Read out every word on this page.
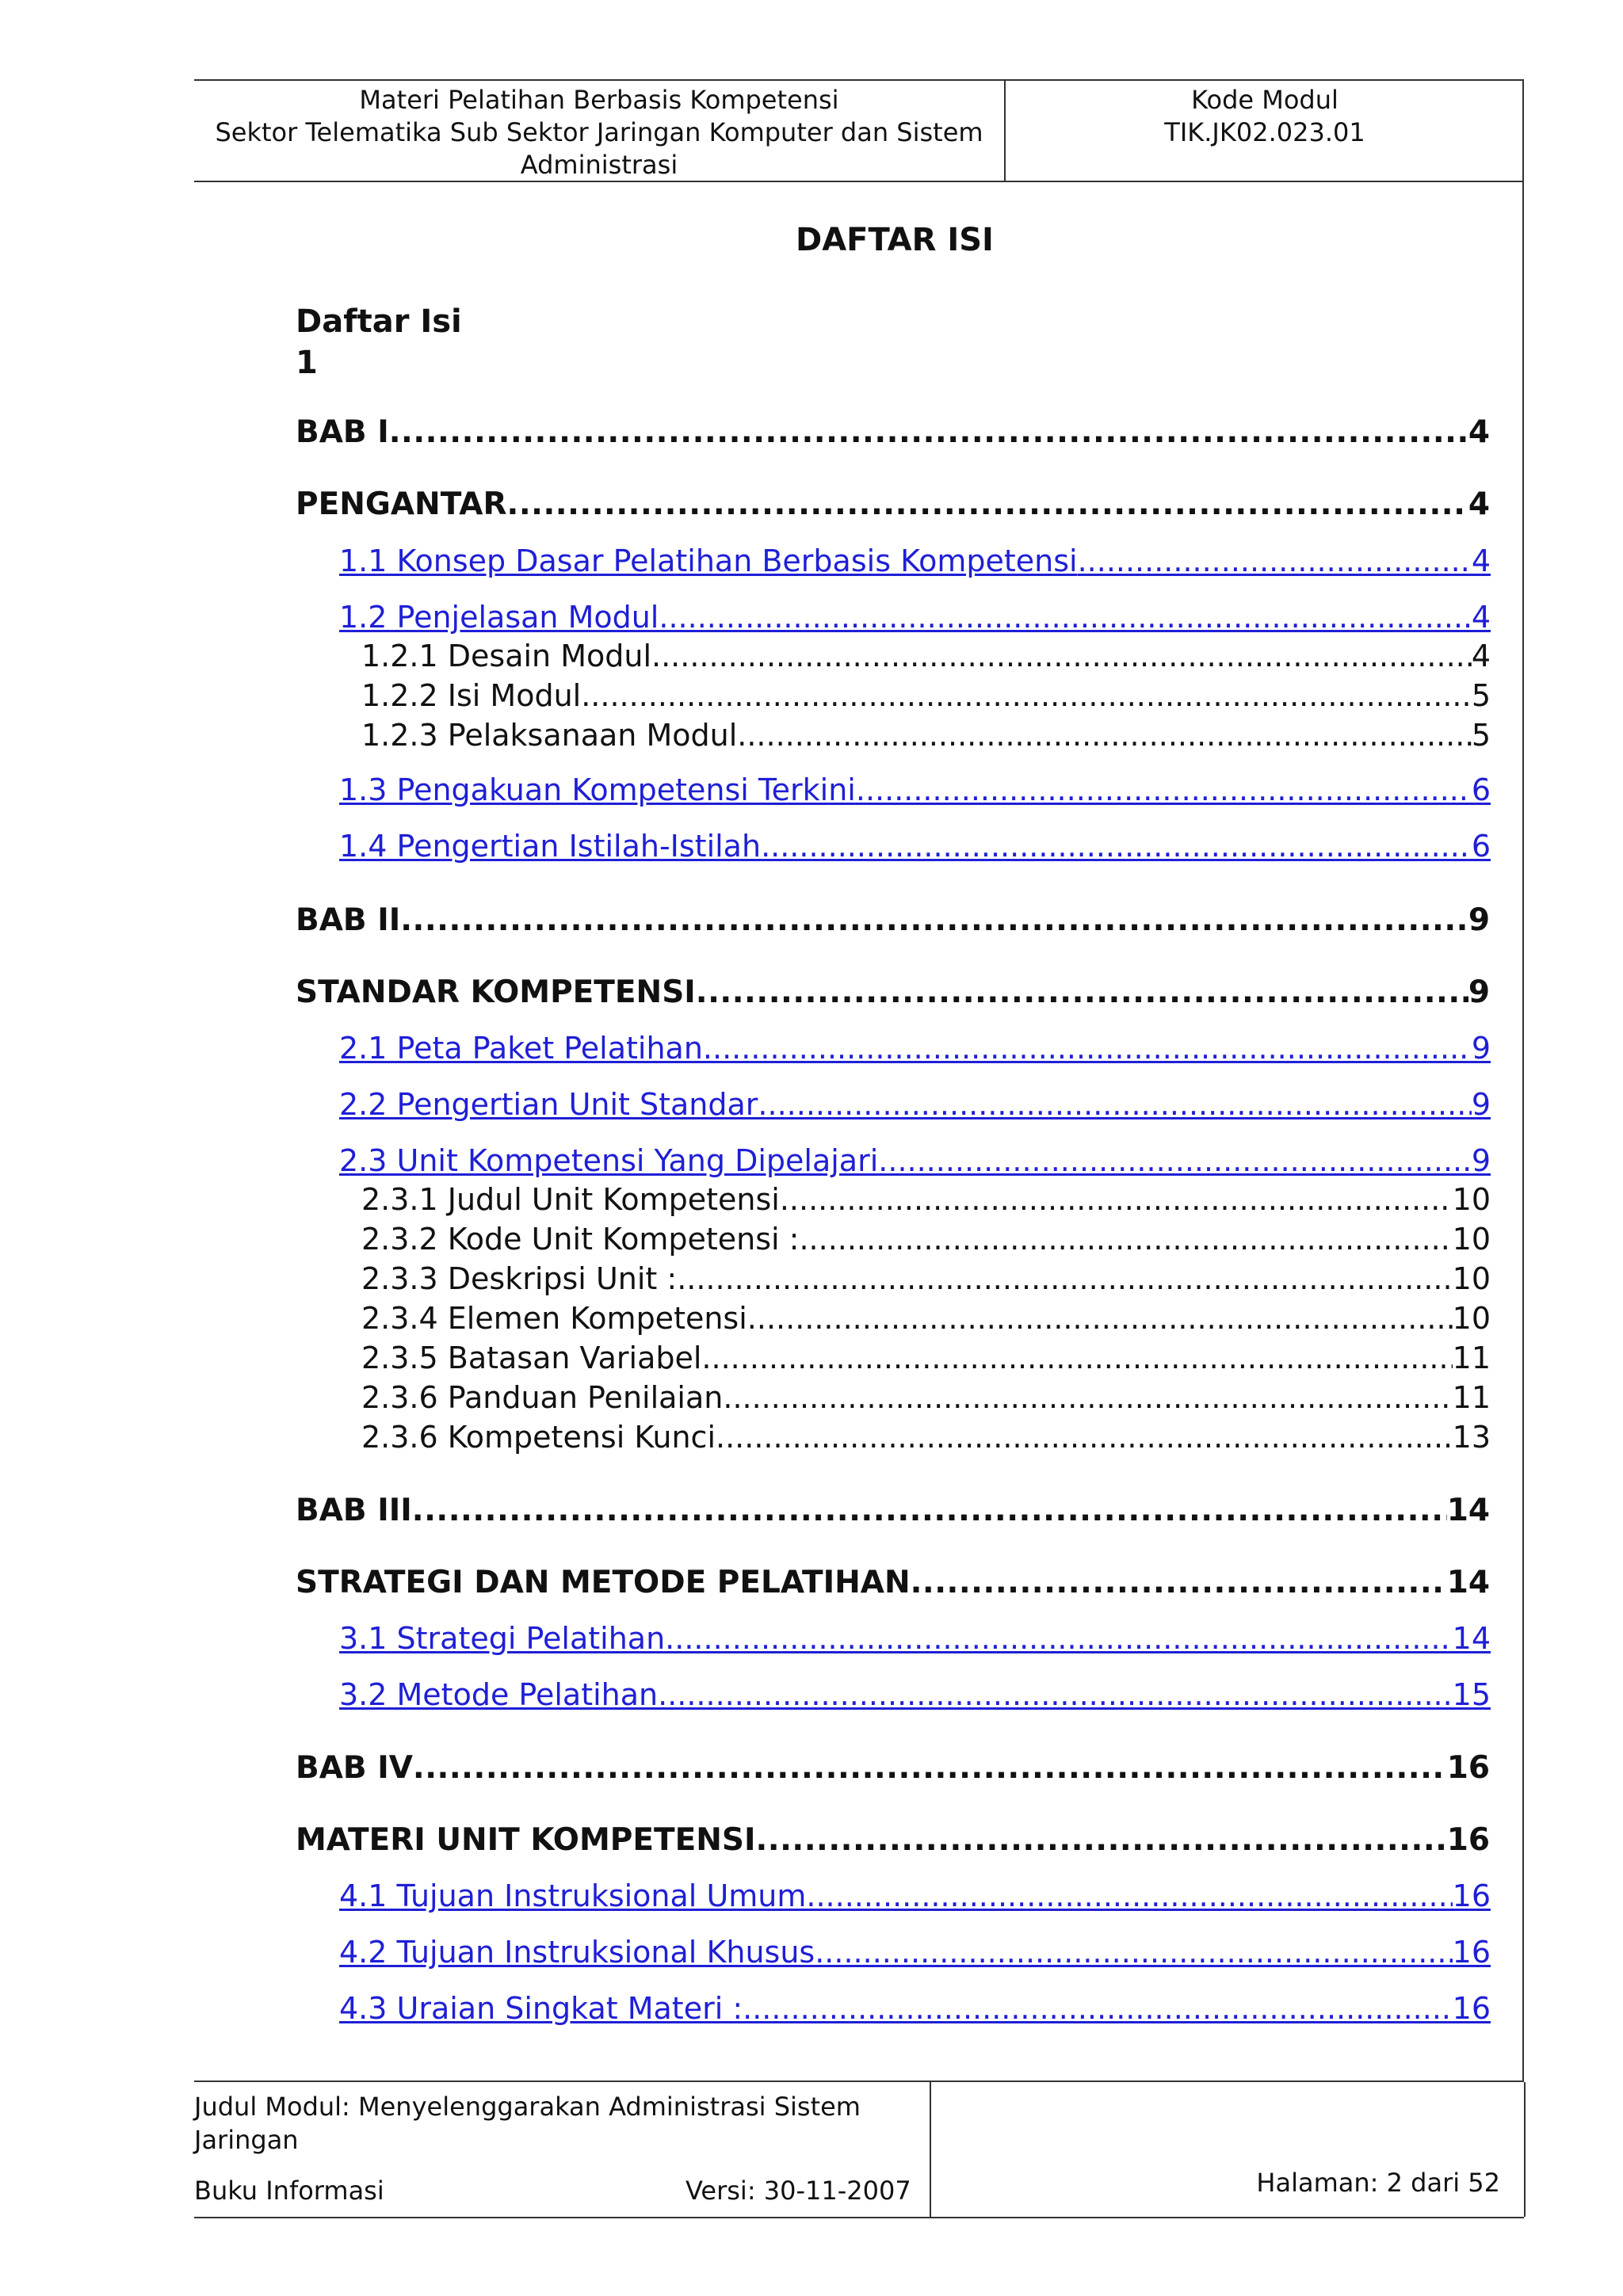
Materi Pelatihan Berbasis Kompetensi
Sektor Telematika Sub Sektor Jaringan Komputer dan Sistem
Administrasi
Kode Modul
TIK.JK02.023.01
DAFTAR ISI
Daftar Isi
1
BAB I .....	4
PENGANTAR .....	4
1.1 Konsep Dasar Pelatihan Berbasis Kompetensi .....	4
1.2 Penjelasan Modul .....	4
1.2.1 Desain Modul .....	4
1.2.2 Isi Modul .....	5
1.2.3 Pelaksanaan Modul .....	5
1.3 Pengakuan Kompetensi Terkini .....	6
1.4 Pengertian Istilah-Istilah .....	6
BAB II .....	9
STANDAR KOMPETENSI .....	9
2.1 Peta Paket Pelatihan .....	9
2.2 Pengertian Unit Standar .....	9
2.3 Unit Kompetensi Yang Dipelajari .....	9
2.3.1 Judul Unit Kompetensi .....	10
2.3.2 Kode Unit Kompetensi : .....	10
2.3.3 Deskripsi Unit : .....	10
2.3.4 Elemen Kompetensi .....	10
2.3.5 Batasan Variabel .....	11
2.3.6 Panduan Penilaian .....	11
2.3.6 Kompetensi Kunci .....	13
BAB III .....	14
STRATEGI DAN METODE PELATIHAN .....	14
3.1 Strategi Pelatihan .....	14
3.2 Metode Pelatihan .....	15
BAB IV .....	16
MATERI UNIT KOMPETENSI .....	16
4.1 Tujuan Instruksional Umum .....	16
4.2 Tujuan Instruksional Khusus .....	16
4.3 Uraian Singkat Materi : .....	16
Judul Modul: Menyelenggarakan Administrasi Sistem Jaringan
Buku Informasi	Versi: 30-11-2007	Halaman: 2 dari 52
